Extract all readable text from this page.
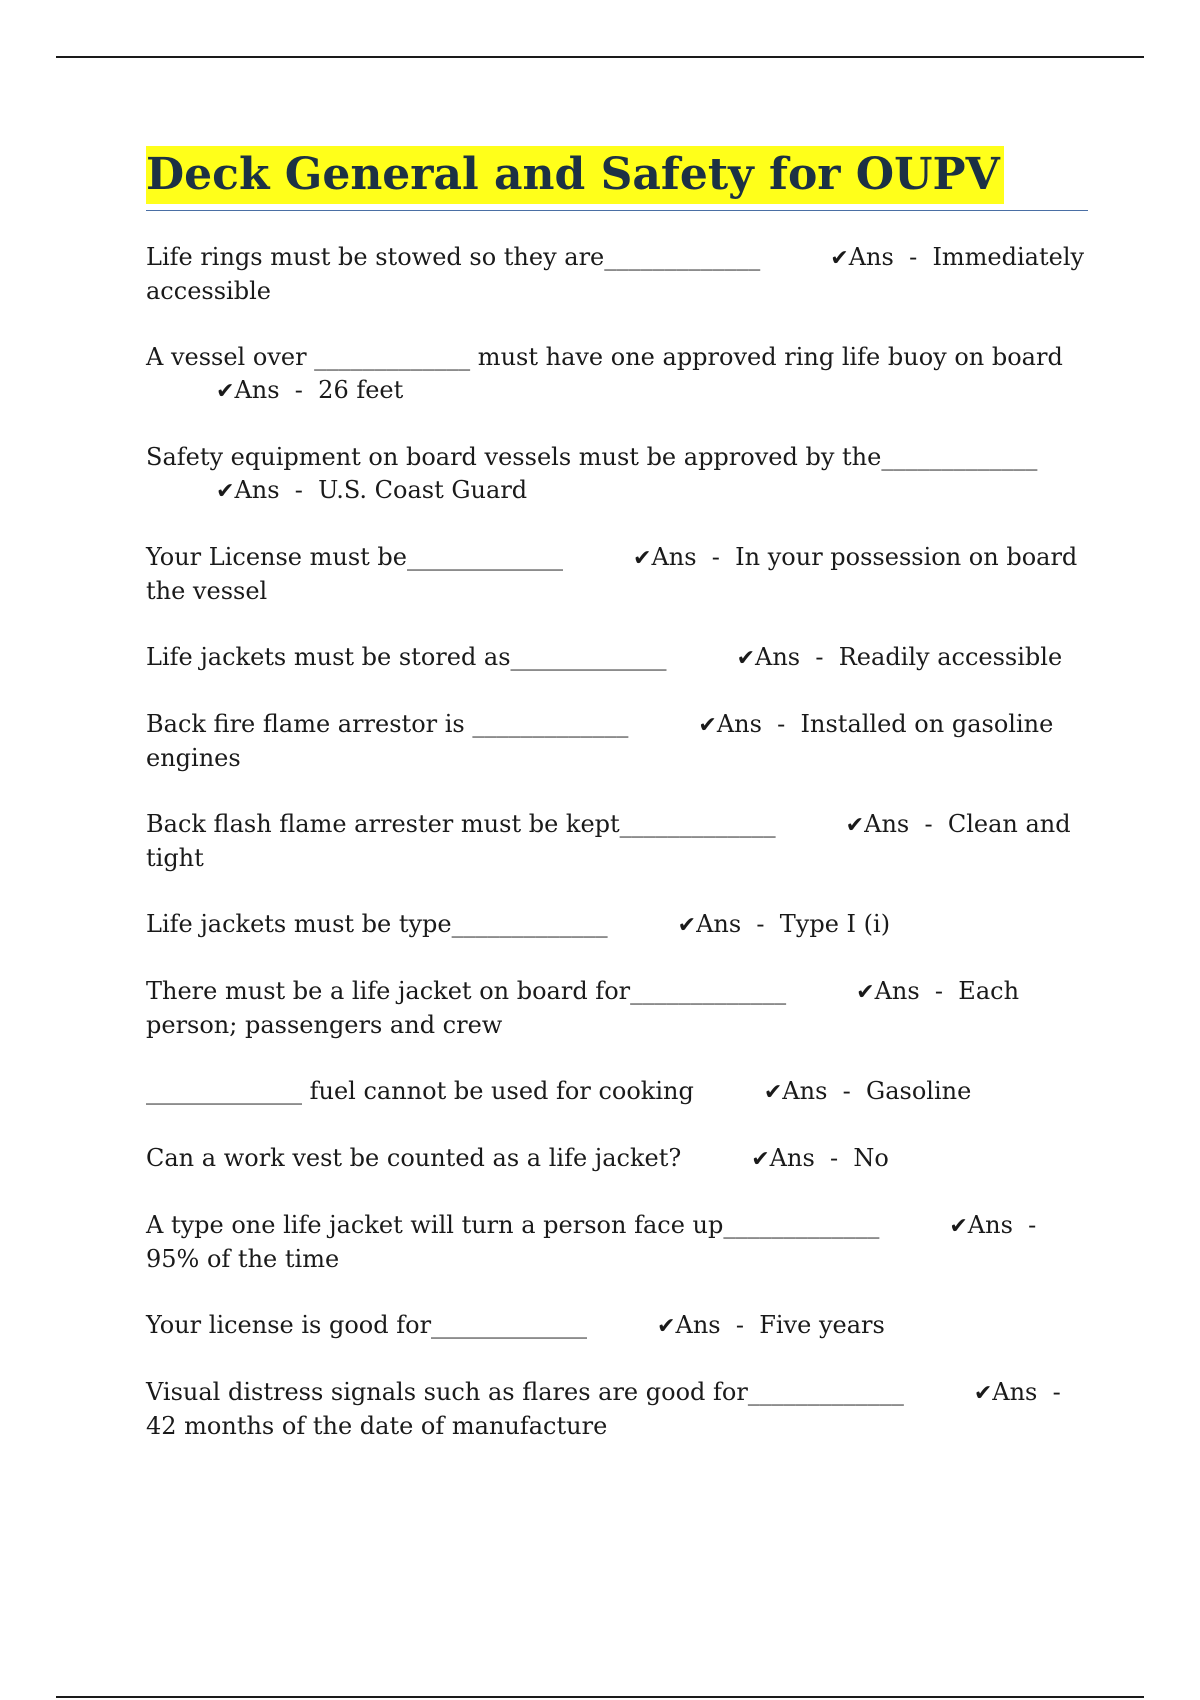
Deck General and Safety for OUPV

Life rings must be stowed so they are_____________	✔Ans  -  Immediately accessible

A vessel over _____________ must have one approved ring life buoy on board✔Ans  -  26 feet

Safety equipment on board vessels must be approved by the_____________✔Ans  -  U.S. Coast Guard

Your License must be_____________	✔Ans  -  In your possession on board the vessel

Life jackets must be stored as_____________	✔Ans  -  Readily accessible

Back fire flame arrestor is _____________	✔Ans  -  Installed on gasoline engines

Back flash flame arrester must be kept_____________	✔Ans  -  Clean and tight

Life jackets must be type_____________	✔Ans  -  Type I (i)

There must be a life jacket on board for_____________	✔Ans  -  Each person; passengers and crew

_____________ fuel cannot be used for cooking	✔Ans  -  Gasoline

Can a work vest be counted as a life jacket?	✔Ans  -  No

A type one life jacket will turn a person face up_____________	✔Ans  -  95% of the time

Your license is good for_____________	✔Ans  -  Five years

Visual distress signals such as flares are good for_____________	✔Ans  -  42 months of the date of manufacture
